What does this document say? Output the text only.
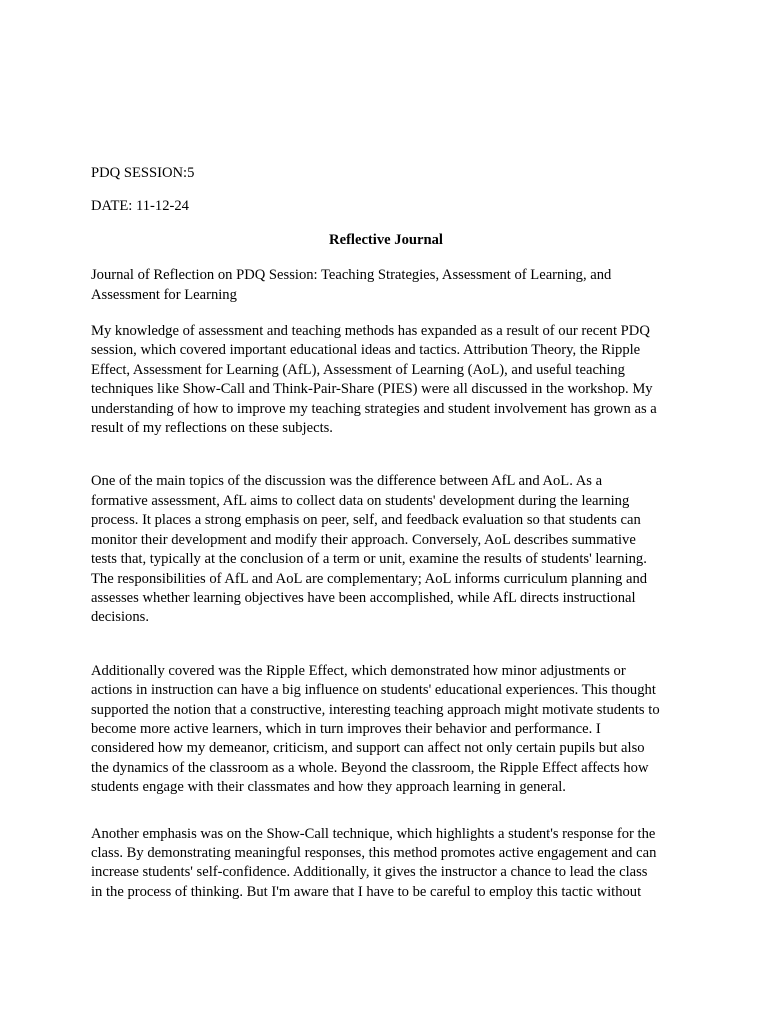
PDQ SESSION:5

DATE: 11-12-24

Reflective Journal

Journal of Reflection on PDQ Session: Teaching Strategies, Assessment of Learning, and

Assessment for Learning

My knowledge of assessment and teaching methods has expanded as a result of our recent PDQ

session, which covered important educational ideas and tactics. Attribution Theory, the Ripple

Effect, Assessment for Learning (AfL), Assessment of Learning (AoL), and useful teaching

techniques like Show-Call and Think-Pair-Share (PIES) were all discussed in the workshop. My

understanding of how to improve my teaching strategies and student involvement has grown as a

result of my reflections on these subjects.

One of the main topics of the discussion was the difference between AfL and AoL. As a

formative assessment, AfL aims to collect data on students' development during the learning

process. It places a strong emphasis on peer, self, and feedback evaluation so that students can

monitor their development and modify their approach. Conversely, AoL describes summative

tests that, typically at the conclusion of a term or unit, examine the results of students' learning.

The responsibilities of AfL and AoL are complementary; AoL informs curriculum planning and

assesses whether learning objectives have been accomplished, while AfL directs instructional

decisions.

Additionally covered was the Ripple Effect, which demonstrated how minor adjustments or

actions in instruction can have a big influence on students' educational experiences. This thought

supported the notion that a constructive, interesting teaching approach might motivate students to

become more active learners, which in turn improves their behavior and performance. I

considered how my demeanor, criticism, and support can affect not only certain pupils but also

the dynamics of the classroom as a whole. Beyond the classroom, the Ripple Effect affects how

students engage with their classmates and how they approach learning in general.

Another emphasis was on the Show-Call technique, which highlights a student's response for the

class. By demonstrating meaningful responses, this method promotes active engagement and can

increase students' self-confidence. Additionally, it gives the instructor a chance to lead the class

in the process of thinking. But I'm aware that I have to be careful to employ this tactic without
